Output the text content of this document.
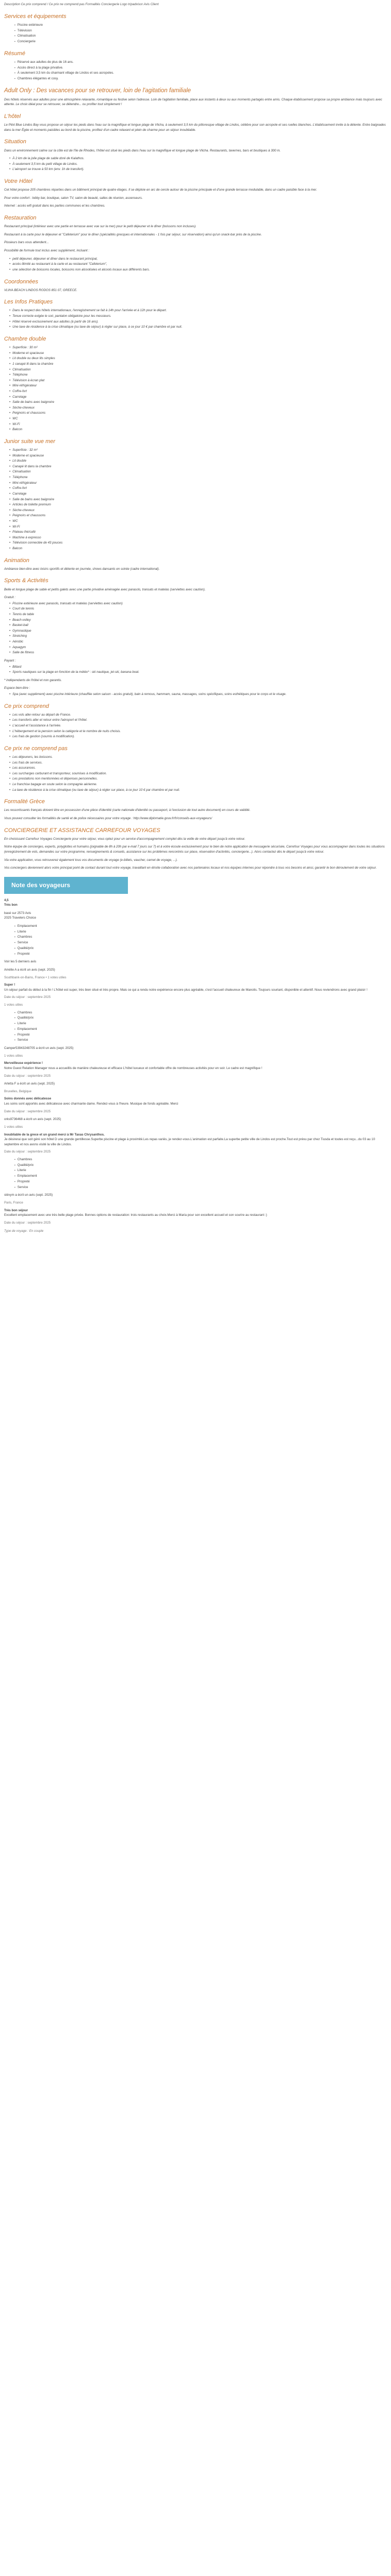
Description Ce prix comprend / Ce prix ne comprend pas Formalités Conciergerie Logo tripadvisor Avis Client

Services et équipements
▪ Piscine extérieure
▪ Télévision
▪ Climatisation
▪ Conciergerie
Résumé
▪ Réservé aux adultes de plus de 16 ans.
▪ Accès direct à la plage privative.
▪ À seulement 3,5 km du charmant village de Lindos et ses acropoles.
▪ Chambres élégantes et cosy.
Adult Only : Des vacances pour se retrouver, loin de l'agitation familiale

Des hôtels réservés aux adultes pour une atmosphère relaxante, romantique ou festive selon l'adresse. Loin de l'agitation familiale, place aux instants à deux ou aux moments partagés entre amis. Chaque établissement propose sa propre ambiance mais toujours avec attente. Le choix idéal pour se retrouver, se détendre... ou profiter tout simplement !

L'hôtel

Le Pilot Blue Lindos Bay vous propose un séjour les pieds dans l'eau sur la magnifique et longue plage de Vlicha, à seulement 3,5 km du pittoresque village de Lindos, célèbre pour son acropole et ses ruelles blanches. L'établissement invite à la détente. Entre baignades dans la mer Égée et moments paisibles au bord de la piscine, profitez d'un cadre relaxant et plein de charme pour un séjour inoubliable.

Situation

Dans un environnement calme sur la côte est de l'île de Rhodes, l'hôtel est situé les pieds dans l'eau sur la magnifique et longue plage de Vlicha. Restaurants, tavernes, bars et boutiques à 300 m.

• À 2 km de la jolie plage de sable doré de Kalathos.
• À seulement 3,5 km du petit village de Lindos.
• L'aéroport se trouve à 50 km (env. 1h de transfert).
Votre Hôtel

Cet hôtel propose 205 chambres réparties dans un bâtiment principal de quatre étages. Il se déploie en arc de cercle autour de la piscine principale et d'une grande terrasse modulable, dans un cadre paisible face à la mer.

Pour votre confort : lobby bar, boutique, salon TV, salon de beauté, salles de réunion, ascenseurs.

Internet : accès wifi gratuit dans les parties communes et les chambres.

Restauration

Restaurant principal (intérieur avec une partie en terrasse avec vue sur la mer) pour le petit déjeuner et le dîner (boissons non incluses).

Restaurant à la carte pour le déjeuner et "Cafeterium" pour le dîner (spécialités grecques et internationales - 1 fois par séjour, sur réservation) ainsi qu'un snack-bar près de la piscine.

Plusieurs bars vous attendent...

Possibilité de formule tout inclus avec supplément, incluant :

• petit déjeuner, déjeuner et dîner dans le restaurant principal,
• accès illimité au restaurant à la carte et au restaurant "Cafeterium",
• une sélection de boissons locales, boissons non alcoolisées et alcools locaux aux différents bars.
Coordonnées

VLIHA BEACH LINDOS RODOS 851 07, GREECE.

Les Infos Pratiques
• Dans le respect des hôtels internationaux, l'enregistrement se fait à 14h pour l'arrivée et à 12h pour le départ.
• Tenue correcte exigée le soir, pantalon obligatoire pour les messieurs.
• Hôtel réservé exclusivement aux adultes (à partir de 16 ans).
• Une taxe de résidence à la crise climatique (ou taxe de séjour) à régler sur place, à ce jour 10 € par chambre et par nuit.
Chambre double
• Superficie : 30 m²
• Moderne et spacieuse
• Lit double ou deux lits simples
• 1 canapé lit dans la chambre
• Climatisation
• Téléphone
• Télévision à écran plat
• Mini-réfrigérateur
• Coffre-fort
• Carrelage
• Salle de bains avec baignoire
• Sèche-cheveux
• Peignoirs et chaussons
• WC
• Wi-Fi
• Balcon
Junior suite vue mer
• Superficie : 32 m²
• Moderne et spacieuse
• Lit double
• Canapé lit dans la chambre
• Climatisation
• Téléphone
• Mini-réfrigérateur
• Coffre-fort
• Carrelage
• Salle de bains avec baignoire
• Articles de toilette premium
• Sèche-cheveux
• Peignoirs et chaussons
• WC
• Wi-Fi
• Plateau thé/café
• Machine à expresso
• Télévision connectée de 43 pouces
• Balcon
Animation

Ambiance bien-être avec loisirs sportifs et détente en journée, shows dansants en soirée (cadre international).

Sports & Activités

Belle et longue plage de sable et petits galets avec une partie privative aménagée avec parasols, transats et matelas (serviettes avec caution).

Gratuit :

• Piscine extérieure avec parasols, transats et matelas (serviettes avec caution)
• Court de tennis
• Tennis de table
• Beach-volley
• Basket-ball
• Gymnastique
• Stretching
• Aérobic
• Aquagym
• Salle de fitness

Payant :

• Billard
• Sports nautiques sur la plage en fonction de la météo* : ski nautique, jet-ski, banana boat.

* indépendants de l'hôtel et non garantis.

Espace bien-être :

• Spa (avec supplément) avec piscine intérieure (chauffée selon saison - accès gratuit), bain à remous, hammam, sauna, massages, soins spécifiques, soins esthétiques pour le corps et le visage.
Ce prix comprend
• Les vols aller-retour au départ de France.
• Les transferts aller et retour entre l'aéroport et l'hôtel.
• L'accueil et l'assistance à l'arrivée.
• L'hébergement et la pension selon la catégorie et le nombre de nuits choisis.
• Les frais de gestion (soumis à modification).
Ce prix ne comprend pas
• Les déjeuners, les boissons.
• Les frais de services.
• Les assurances.
• Les surcharges carburant et transporteur, soumises à modification.
• Les prestations non mentionnées et dépenses personnelles.
• Le franchise bagage en soute selon la compagnie aérienne.
• La taxe de résidence à la crise climatique (ou taxe de séjour) à régler sur place, à ce jour 10 € par chambre et par nuit.
Formalité Grèce

Les ressortissants français doivent être en possession d'une pièce d'identité (carte nationale d'identité ou passeport, à l'exclusion de tout autre document) en cours de validité.

Vous pouvez consulter les formalités de santé et de police nécessaires pour votre voyage : http://www.diplomatie.gouv.fr/fr/conseils-aux-voyageurs/

CONCIERGERIE ET ASSISTANCE CARREFOUR VOYAGES

En choisissant Carrefour Voyages Conciergerie pour votre séjour, vous optez pour un service d'accompagnement complet dès la veille de votre départ jusqu'à votre retour.

Notre équipe de concierges, experts, polyglottes et humains (joignable de 8h à 20h par e-mail 7 jours sur 7) et à votre écoute exclusivement pour le bien de notre application de messagerie sécurisée, Carrefour Voyages pour vous accompagner dans toutes les situations (enregistrement de vols, demandes sur votre programme, renseignements & conseils, assistance sur les problèmes rencontrés sur place, réservation d'activités, conciergerie...). Alors contactez dès le départ jusqu'à votre retour.

Via votre application, vous retrouverez également tous vos documents de voyage (e-billets, vaucher, carnet de voyage, ...).

Vos conciergers deviennent alors votre principal point de contact durant tout votre voyage, travaillant en étroite collaboration avec nos partenaires locaux et nos équipes internes pour répondre à tous vos besoins et ainsi, garantir le bon déroulement de votre séjour.

Note des voyageurs
4,5
Très bon
basé sur 2573 Avis
2025 Travelers Choice
▪ Emplacement
▪ Literie
▪ Chambres
▪ Service
▪ Qualité/prix
▪ Propreté

Voir les 5 derniers avis

Amélie A a écrit un avis (sept. 2025)

Southbank-on-Bains, France • 1 votes utiles

Super !

Un séjour parfait du début à la fin ! L'hôtel est super, très bien situé et très propre. Mais ce qui a rendu notre expérience encore plus agréable, c'est l'accueil chaleureux de Manolis. Toujours souriant, disponible et attentif. Nous reviendrons avec grand plaisir !

Date du séjour : septembre 2025

1 votes utiles

▪ Chambres
▪ Qualité/prix
▪ Literie
▪ Emplacement
▪ Propreté
▪ Service

Camper53943248705 a écrit un avis (sept. 2025)

1 votes utiles

Merveilleuse expérience !

Notre Guest Relation Manager nous a accueillis de manière chaleureuse et efficace L'hôtel luxueux et confortable offre de nombreuses activités pour en soir. Le cadre est magnifique !

Date du séjour : septembre 2025

Arletta F a écrit un avis (sept. 2025)

Bruxelles, Belgique

Soins donnés avec délicatesse

Les soins sont apportés avec délicatesse avec charmante dame. Rendez-vous à l'heure. Musique de fonds agréable. Merci

Date du séjour : septembre 2025

orks9736468 a écrit un avis (sept. 2025)

1 votes utiles

Inoubliable de la grece et un grand merci à Mr Taxas Chrysanthos.

Je désirerai que soit géré son hôtel D une grande gentillesse.Superbe piscine et plage à proximité.Les repas variés, je rendez-vous.L'animation est parfaite.La superbe petite ville de Lindos est proche.Tout est prévu par chez Tiusda et toutes est reçu...du 03 au 10 septembre et nos avons visité la ville de Lindos.

Date du séjour : septembre 2025

▪ Chambres
▪ Qualité/prix
▪ Literie
▪ Emplacement
▪ Propreté
▪ Service

stévym a écrit un avis (sept. 2025)

Paris, France

Très bon séjour

Excellent emplacement avec une très belle plage privée. Bonnes options de restauration: trois restaurants au choix.Merci à Maria pour son excellent accueil et son sourire au restaurant :)

Date du séjour : septembre 2025

Type de voyage : En couple
